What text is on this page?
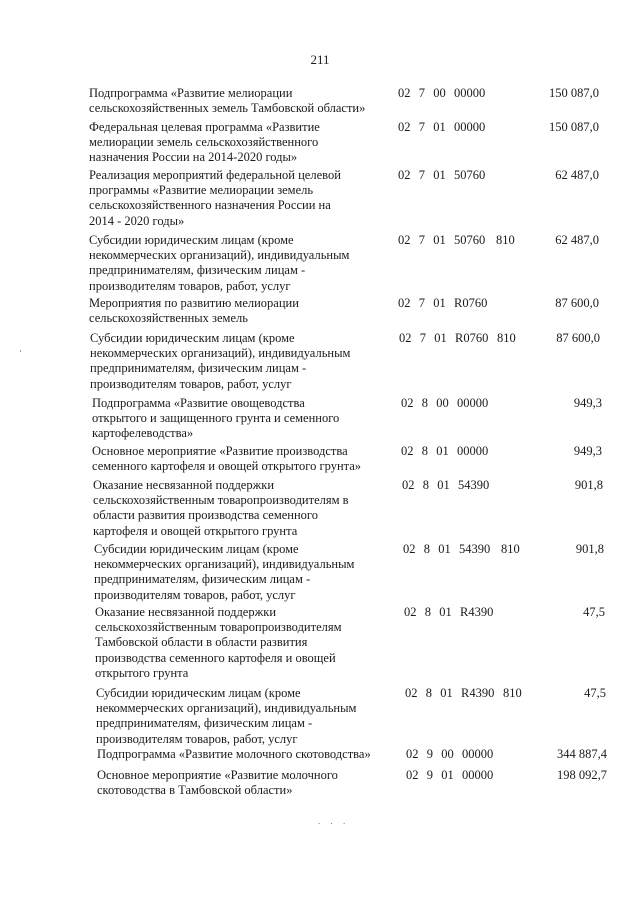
211
Подпрограмма «Развитие мелиорации
сельскохозяйственных земель Тамбовской области»
02  7  00  00000	150 087,0
Федеральная целевая программа «Развитие
мелиорации земель сельскохозяйственного
назначения России на 2014-2020 годы»
02  7  01  00000	150 087,0
Реализация мероприятий федеральной целевой
программы «Развитие мелиорации земель
сельскохозяйственного назначения России на
2014 - 2020 годы»
02  7  01  50760	62 487,0
Субсидии юридическим лицам (кроме
некоммерческих организаций), индивидуальным
предпринимателям, физическим лицам -
производителям товаров, работ, услуг
02  7  01  50760 810	62 487,0
Мероприятия по развитию мелиорации
сельскохозяйственных земель
02  7  01  R0760	87 600,0
Субсидии юридическим лицам (кроме
некоммерческих организаций), индивидуальным
предпринимателям, физическим лицам -
производителям товаров, работ, услуг
02  7  01  R0760 810	87 600,0
Подпрограмма «Развитие овощеводства
открытого и защищенного грунта и семенного
картофелеводства»
02  8  00  00000	949,3
Основное мероприятие «Развитие производства
семенного картофеля и овощей открытого грунта»
02  8  01  00000	949,3
Оказание несвязанной поддержки
сельскохозяйственным товаропроизводителям в
области развития производства семенного
картофеля и овощей открытого грунта
02  8  01  54390	901,8
Субсидии юридическим лицам (кроме
некоммерческих организаций), индивидуальным
предпринимателям, физическим лицам -
производителям товаров, работ, услуг
02  8  01  54390 810	901,8
Оказание несвязанной поддержки
сельскохозяйственным товаропроизводителям
Тамбовской области в области развития
производства семенного картофеля и овощей
открытого грунта
02  8  01  R4390	47,5
Субсидии юридическим лицам (кроме
некоммерческих организаций), индивидуальным
предпринимателям, физическим лицам -
производителям товаров, работ, услуг
02  8  01  R4390 810	47,5
Подпрограмма «Развитие молочного скотоводства»	02  9  00  00000	344 887,4
Основное мероприятие «Развитие молочного
скотоводства в Тамбовской области»
02  9  01  00000	198 092,7
. . .
